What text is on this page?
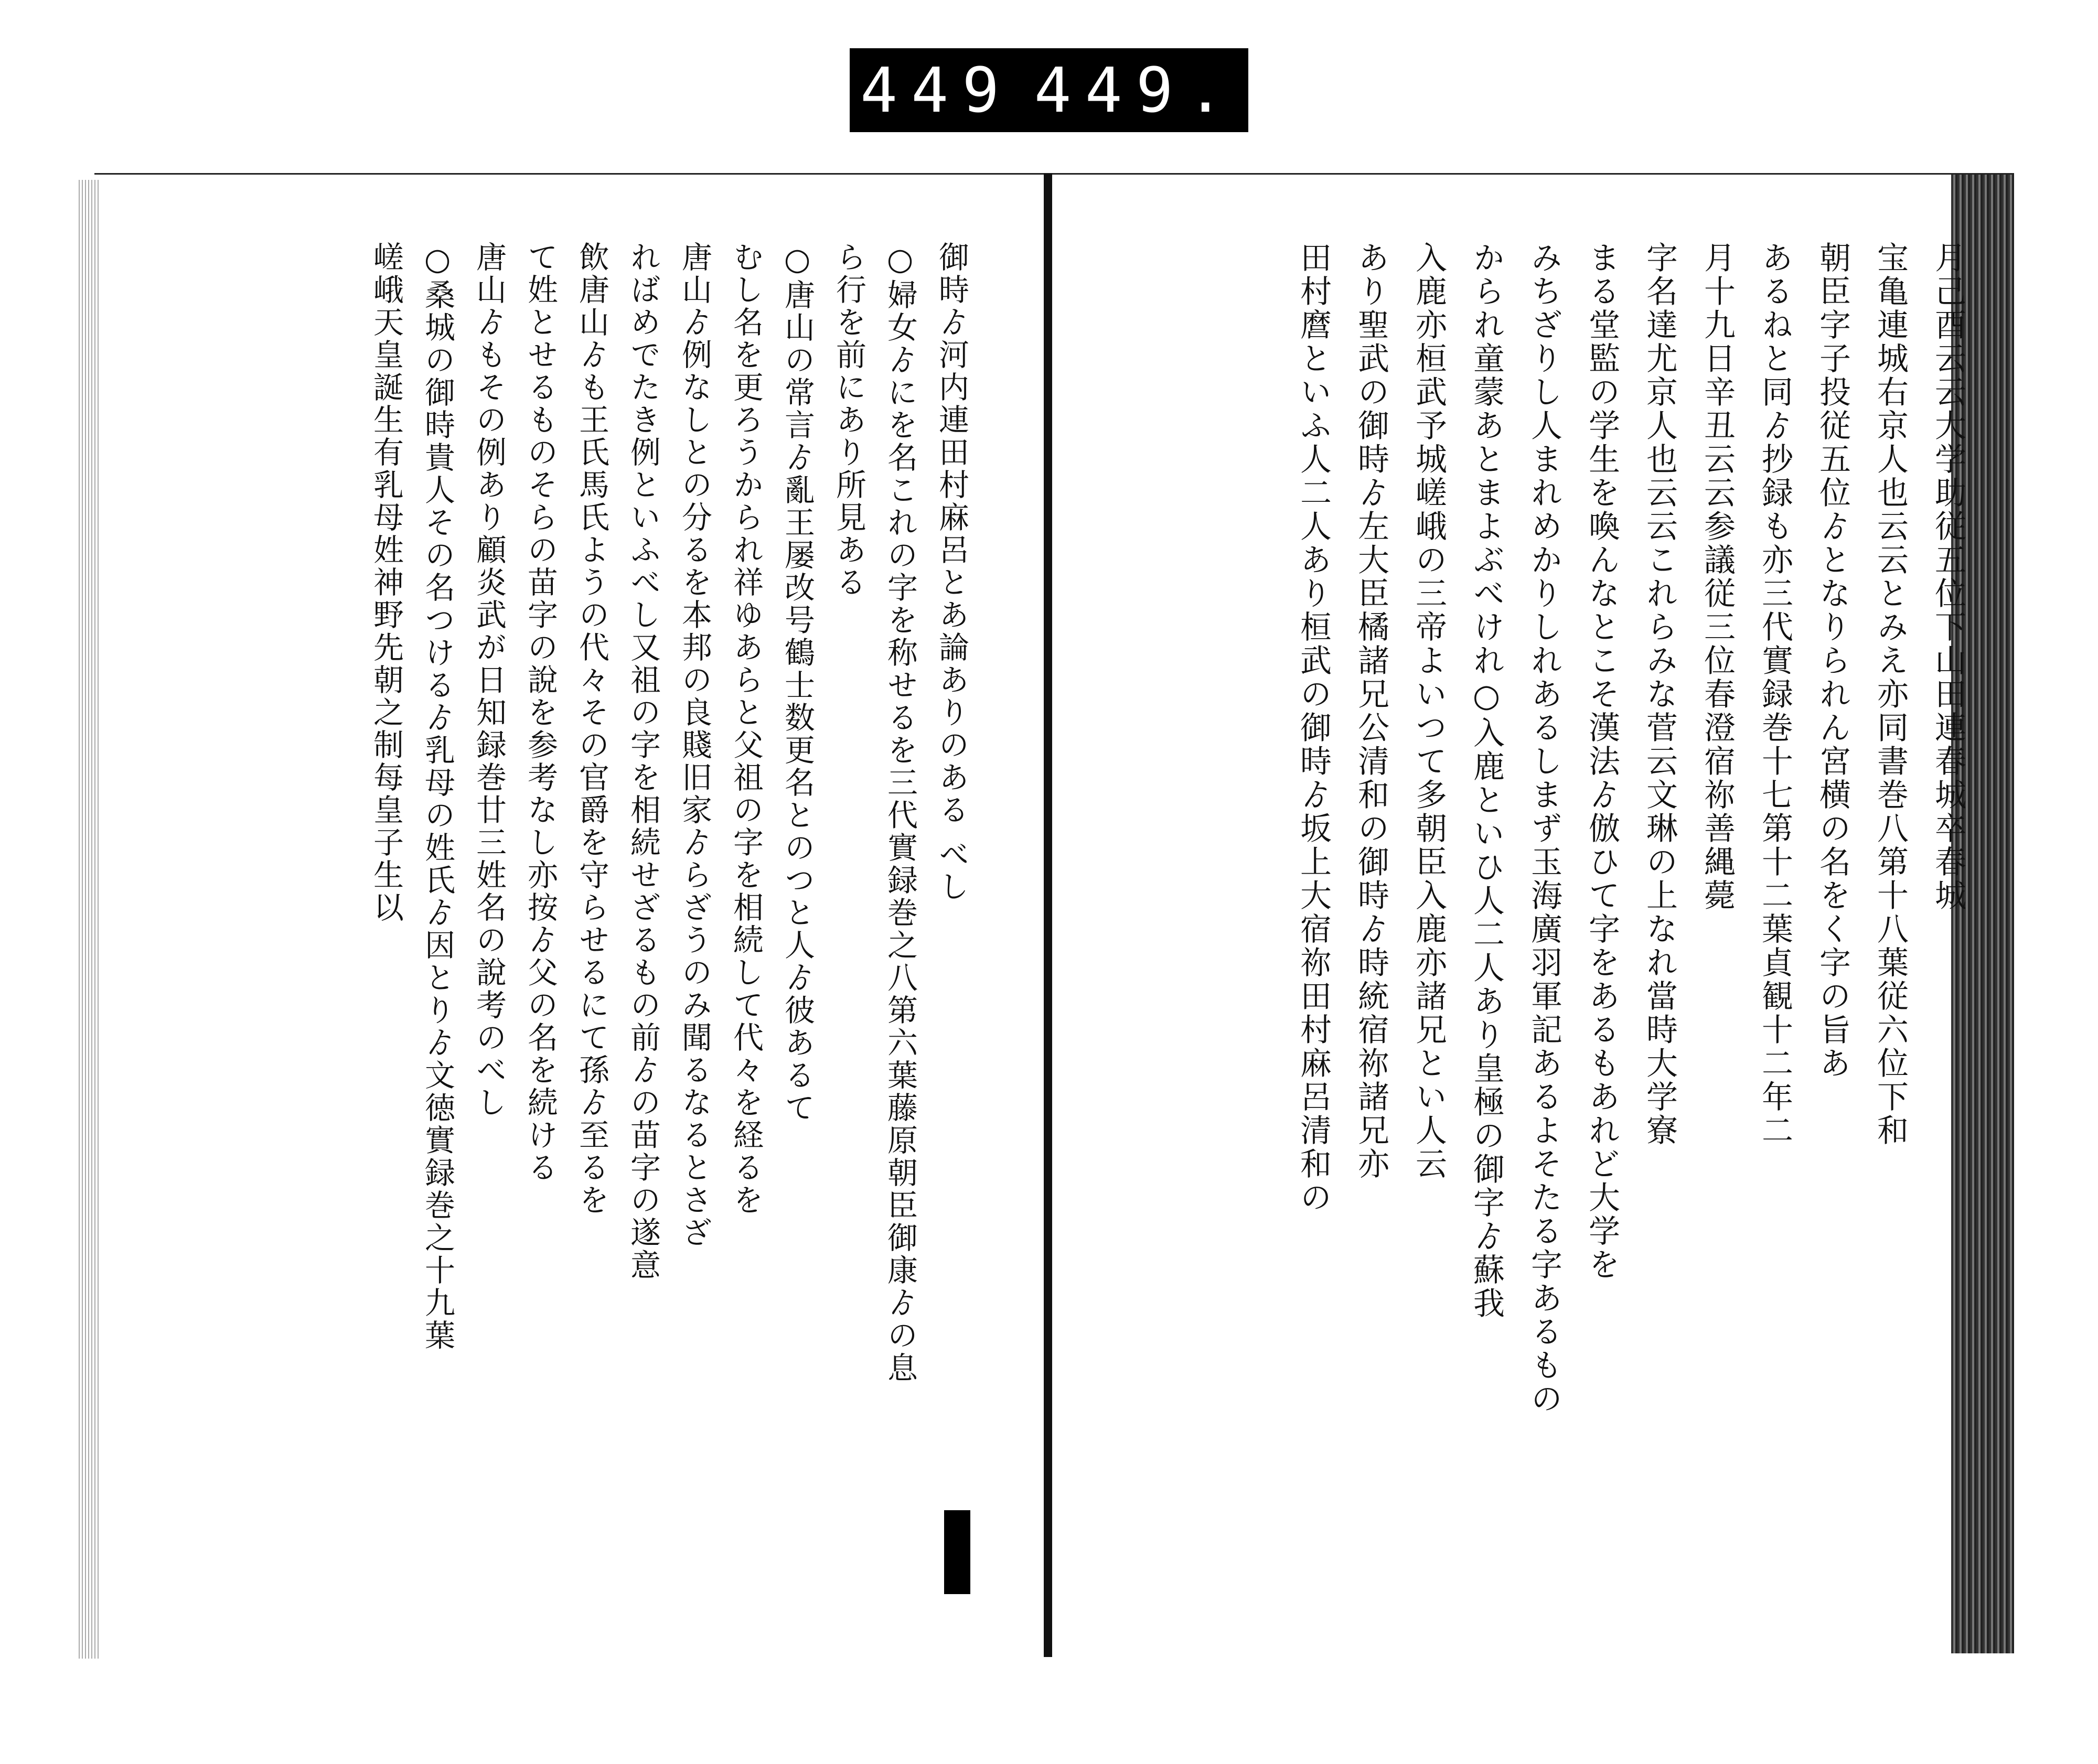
449 449.
月己酉云云大学助従五位下山田連春城卒春城
宝亀連城右京人也云云とみえ亦同書巻八第十八葉従六位下和
朝臣字子投従五位ゟとなりられん宮横の名をく字の旨あ
あるねと同ゟ抄録も亦三代實録巻十七第十二葉貞観十二年二
月十九日辛丑云云参議従三位春澄宿祢善縄薨
字名達尤京人也云云これらみな菅云文琳の上なれ當時大学寮
まる堂監の学生を喚んなとこそ漢法ゟ倣ひて字をあるもあれど大学を
みちざりし人まれめかりしれあるしまず玉海廣羽軍記あるよそたる字あるもの
かられ童蒙あとまよぶべけれ○入鹿といひ人二人あり皇極の御字ゟ蘇我
入鹿亦桓武予城嵯峨の三帝よいつて多朝臣入鹿亦諸兄とい人云
あり聖武の御時ゟ左大臣橘諸兄公清和の御時ゟ時統宿祢諸兄亦
田村麿といふ人二人あり桓武の御時ゟ坂上大宿祢田村麻呂清和の
御時ゟ河内連田村麻呂とあ論ありのある べし
○婦女ゟにを名これの字を称せるを三代實録巻之八第六葉藤原朝臣御康ゟの息
ら行を前にあり所見ある
○唐山の常言ゟ亂王屡改号鶴士数更名とのつと人ゟ彼あるて
むし名を更ろうかられ祥ゆあらと父祖の字を相続して代々を経るを
唐山ゟ例なしとの分るを本邦の良賤旧家ゟらざうのみ聞るなるとさざ
ればめでたき例といふべし又祖の字を相続せざるもの前ゟの苗字の遂意
飲唐山ゟも王氏馬氏ようの代々その官爵を守らせるにて孫ゟ至るを
て姓とせるものそらの苗字の說を参考なし亦按ゟ父の名を続ける
唐山ゟもその例あり顧炎武が日知録巻廿三姓名の說考のべし
○桑城の御時貴人その名つけるゟ乳母の姓氏ゟ因とりゟ文徳實録巻之十九葉
嵯峨天皇誕生有乳母姓神野先朝之制每皇子生以
